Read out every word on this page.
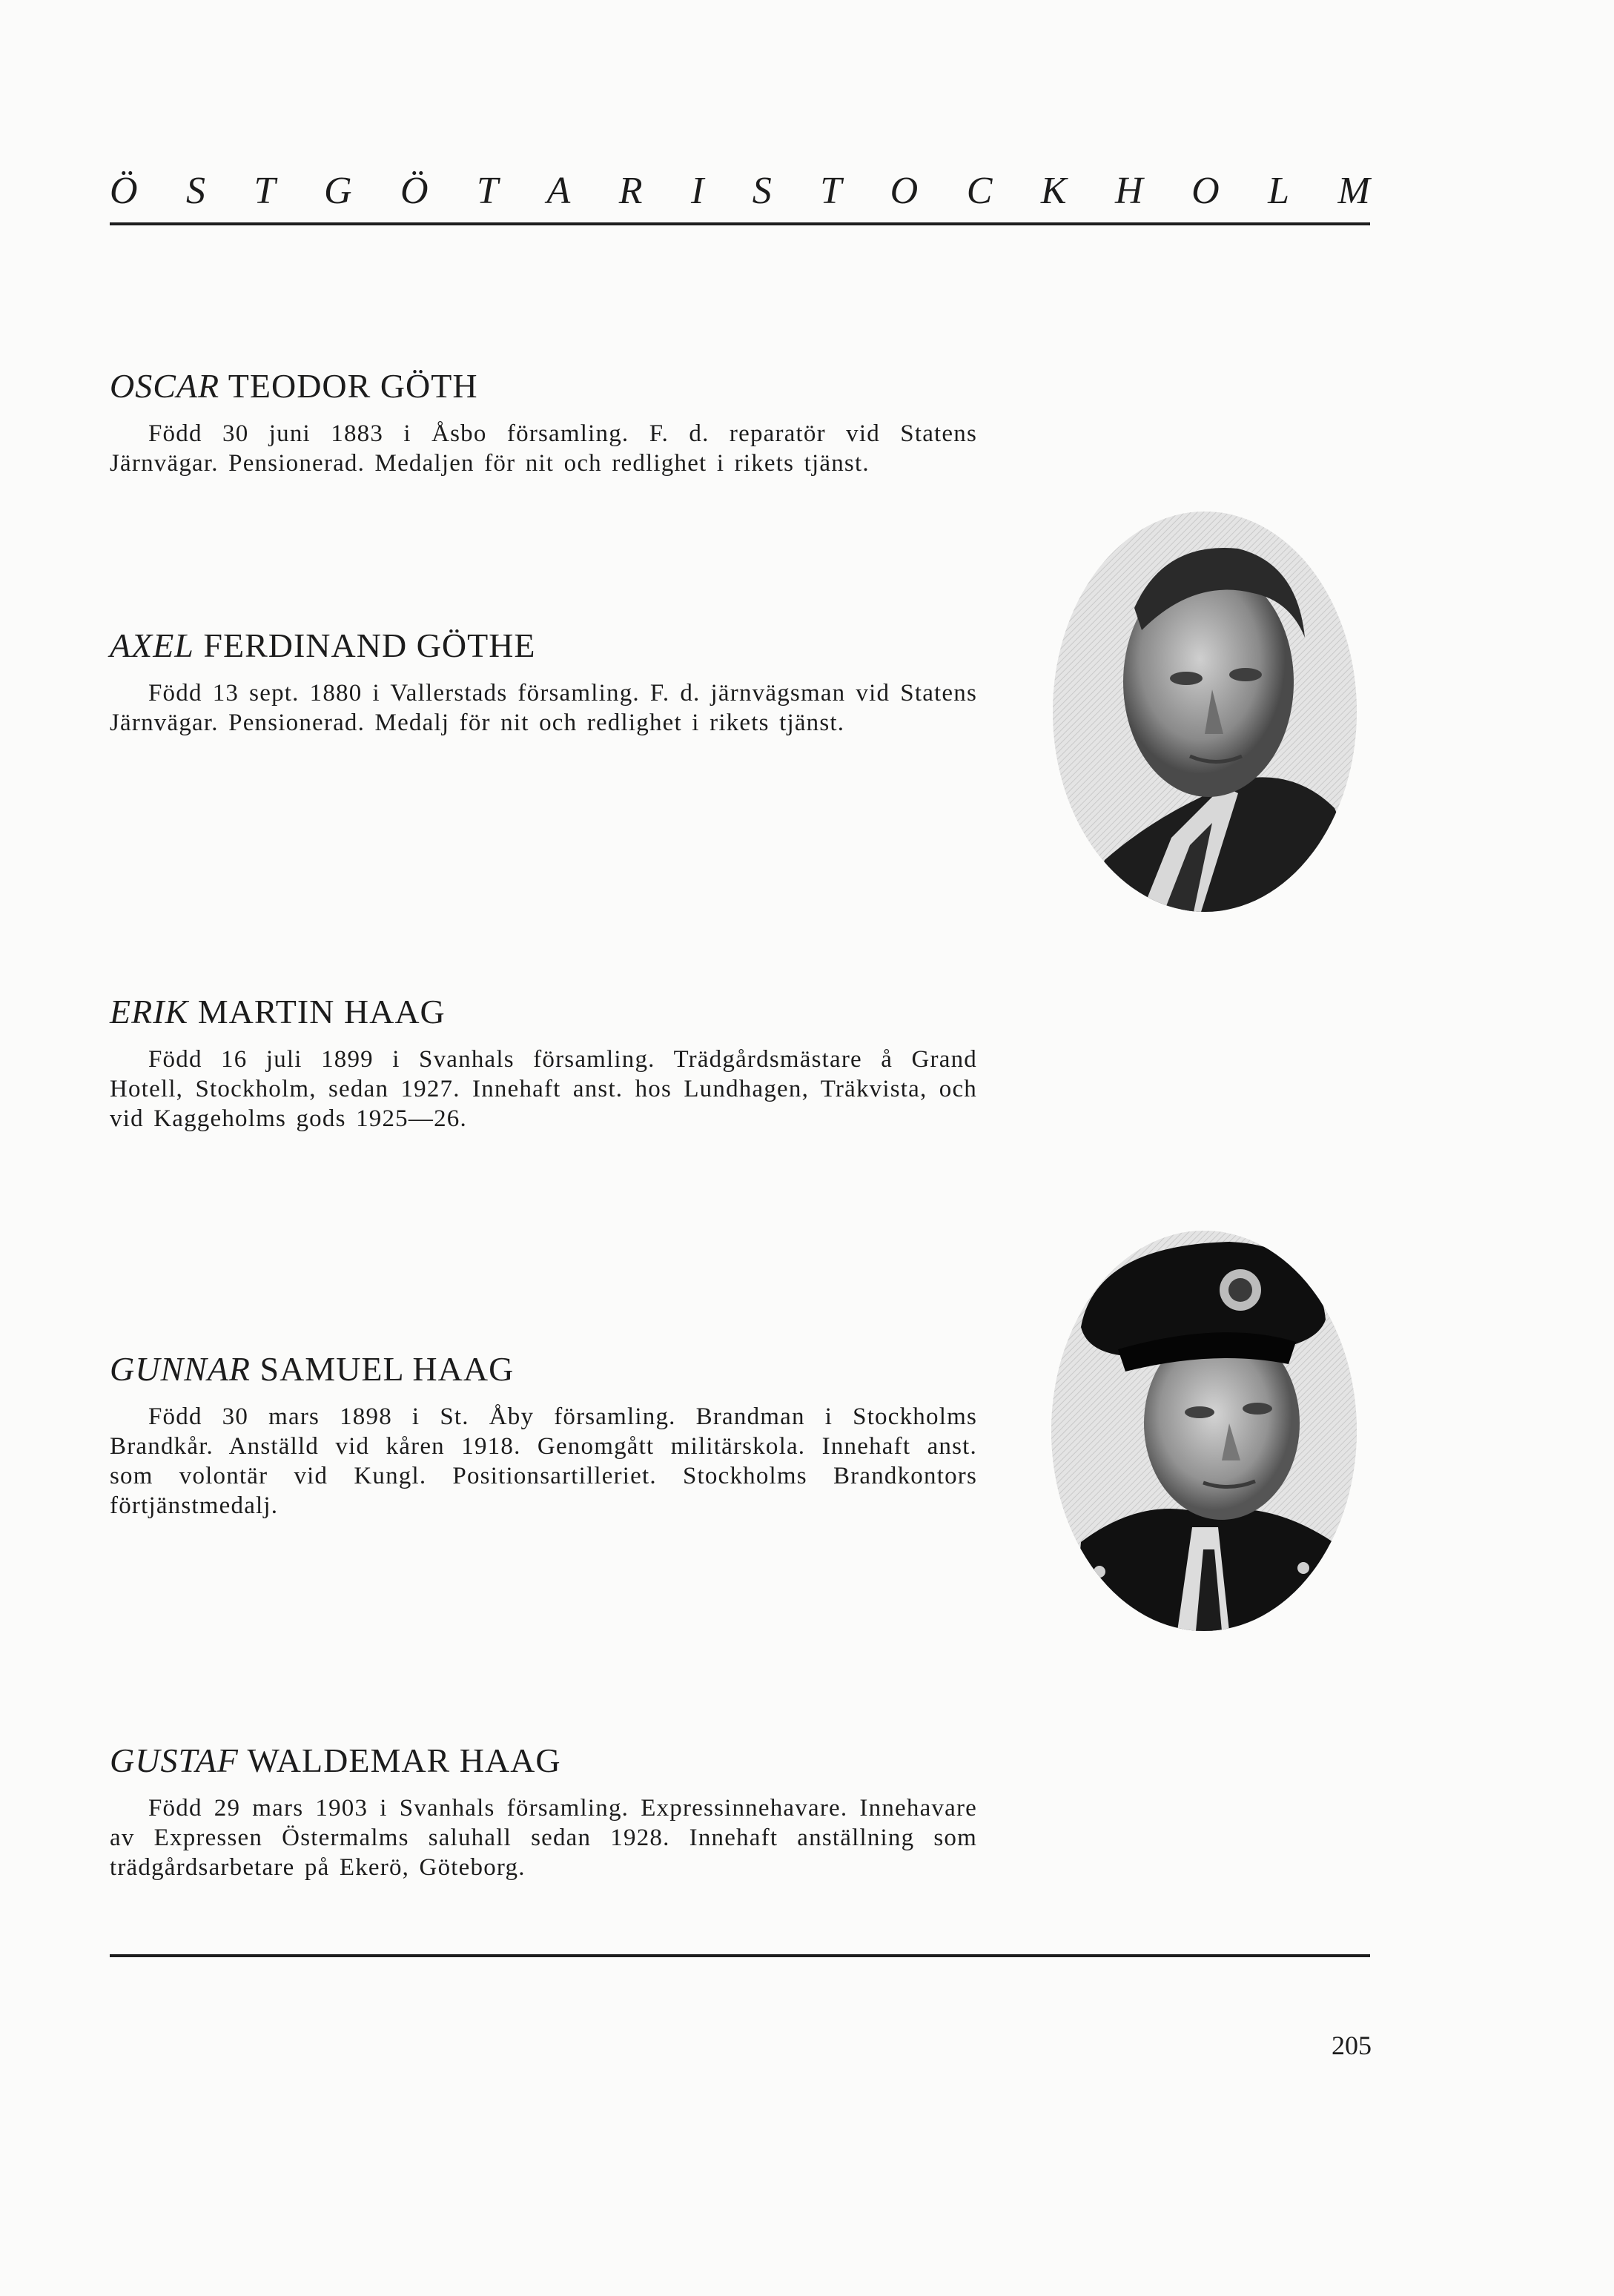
Ö S T G Ö T A R I S T O C K H O L M
OSCAR TEODOR GÖTH

Född 30 juni 1883 i Åsbo församling. F. d. reparatör vid Statens Järnvägar. Pensionerad. Medaljen för nit och redlighet i rikets tjänst.

AXEL FERDINAND GÖTHE

Född 13 sept. 1880 i Vallerstads församling. F. d. järnvägsman vid Statens Järnvägar. Pensionerad. Medalj för nit och redlighet i rikets tjänst.

ERIK MARTIN HAAG

Född 16 juli 1899 i Svanhals församling. Trädgårdsmästare å Grand Hotell, Stockholm, sedan 1927. Innehaft anst. hos Lundhagen, Träkvista, och vid Kaggeholms gods 1925—26.

GUNNAR SAMUEL HAAG

Född 30 mars 1898 i St. Åby församling. Brandman i Stockholms Brandkår. Anställd vid kåren 1918. Genomgått militärskola. Innehaft anst. som volontär vid Kungl. Positionsartilleriet. Stockholms Brandkontors förtjänstmedalj.

GUSTAF WALDEMAR HAAG

Född 29 mars 1903 i Svanhals församling. Expressinnehavare. Innehavare av Expressen Östermalms saluhall sedan 1928. Innehaft anställning som trädgårdsarbetare på Ekerö, Göteborg.

205
